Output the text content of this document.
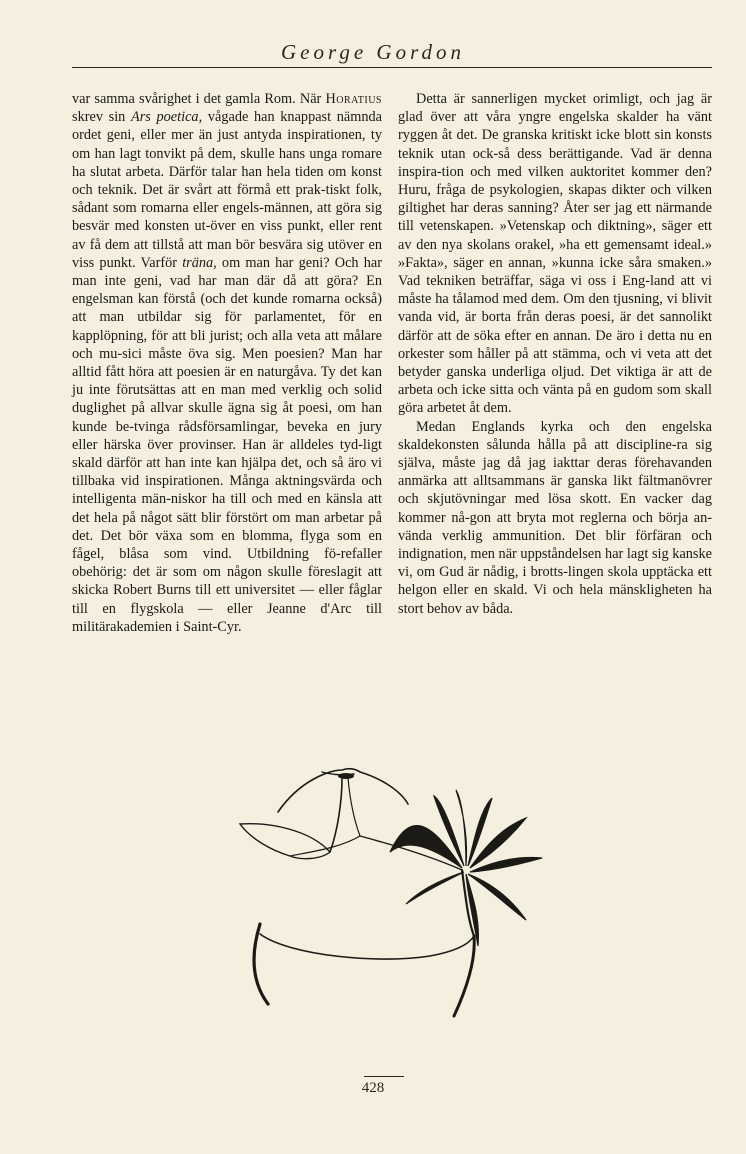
George Gordon

var samma svårighet i det gamla Rom. När Horatius skrev sin Ars poetica, vågade han knappast nämnda ordet geni, eller mer än just antyda inspirationen, ty om han lagt tonvikt på dem, skulle hans unga romare ha slutat arbeta. Därför talar han hela tiden om konst och teknik. Det är svårt att förmå ett prak-tiskt folk, sådant som romarna eller engels-männen, att göra sig besvär med konsten ut-över en viss punkt, eller rent av få dem att tillstå att man bör besvära sig utöver en viss punkt. Varför träna, om man har geni? Och har man inte geni, vad har man där då att göra? En engelsman kan förstå (och det kunde romarna också) att man utbildar sig för parlamentet, för en kapplöpning, för att bli jurist; och alla veta att målare och mu-sici måste öva sig. Men poesien? Man har alltid fått höra att poesien är en naturgåva. Ty det kan ju inte förutsättas att en man med verklig och solid duglighet på allvar skulle ägna sig åt poesi, om han kunde be-tvinga rådsförsamlingar, beveka en jury eller härska över provinser. Han är alldeles tyd-ligt skald därför att han inte kan hjälpa det, och så äro vi tillbaka vid inspirationen. Många aktningsvärda och intelligenta män-niskor ha till och med en känsla att det hela på något sätt blir förstört om man arbetar på det. Det bör växa som en blomma, flyga som en fågel, blåsa som vind. Utbildning fö-refaller obehörig: det är som om någon skulle föreslagit att skicka Robert Burns till ett universitet — eller fåglar till en flygskola — eller Jeanne d'Arc till militärakademien i Saint-Cyr.

Detta är sannerligen mycket orimligt, och jag är glad över att våra yngre engelska skalder ha vänt ryggen åt det. De granska kritiskt icke blott sin konsts teknik utan ock-så dess berättigande. Vad är denna inspira-tion och med vilken auktoritet kommer den? Huru, fråga de psykologien, skapas dikter och vilken giltighet har deras sanning? Åter ser jag ett närmande till vetenskapen. »Vetenskap och diktning», säger ett av den nya skolans orakel, »ha ett gemensamt ideal.» »Fakta», säger en annan, »kunna icke såra smaken.» Vad tekniken beträffar, säga vi oss i Eng-land att vi måste ha tålamod med dem. Om den tjusning, vi blivit vanda vid, är borta från deras poesi, är det sannolikt därför att de söka efter en annan. De äro i detta nu en orkester som håller på att stämma, och vi veta att det betyder ganska underliga oljud. Det viktiga är att de arbeta och icke sitta och vänta på en gudom som skall göra arbetet åt dem.

Medan Englands kyrka och den engelska skaldekonsten sålunda hålla på att discipline-ra sig själva, måste jag då jag iakttar deras förehavanden anmärka att alltsammans är ganska likt fältmanövrer och skjutövningar med lösa skott. En vacker dag kommer nå-gon att bryta mot reglerna och börja an-vända verklig ammunition. Det blir förfäran och indignation, men när uppståndelsen har lagt sig kanske vi, om Gud är nådig, i brotts-lingen skola upptäcka ett helgon eller en skald. Vi och hela mänskligheten ha stort behov av båda.

428
